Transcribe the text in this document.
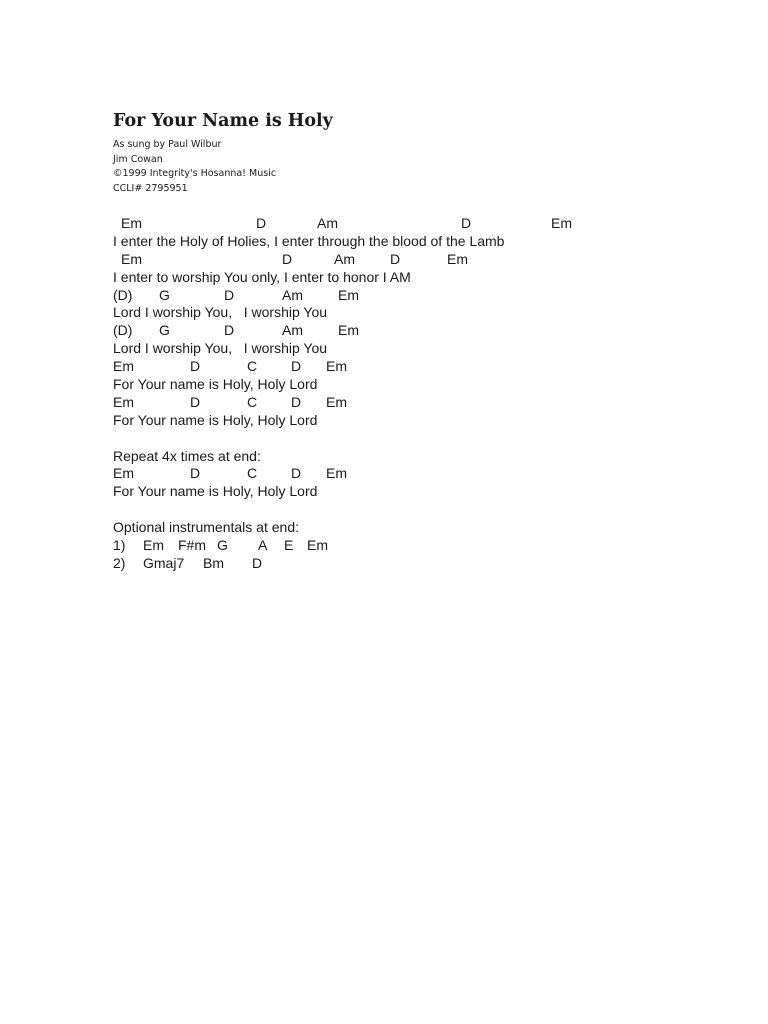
For Your Name is Holy
As sung by Paul Wilbur
Jim Cowan
©1999 Integrity's Hosanna! Music
CCLI# 2795951

Em

	D

	Am

	D

	Em

I enter the Holy of Holies, I enter through the blood of the Lamb

Em

	D

	Am

	D

	Em

I enter to worship You only, I enter to honor I AM

(D)

G

	D

	Am

	Em

Lord I worship You,   I worship You

(D)

G

	D

	Am

	Em

Lord I worship You,   I worship You

Em

	D

	C

D

Em

For Your name is Holy, Holy Lord

Em

	D

	C

D

Em

For Your name is Holy, Holy Lord
Repeat 4x times at end:

Em

	D

	C

D

Em

For Your name is Holy, Holy Lord
Optional instrumentals at end:

1)

Em

F#m

G

A

E

Em

2)

Gmaj7

Bm

D
